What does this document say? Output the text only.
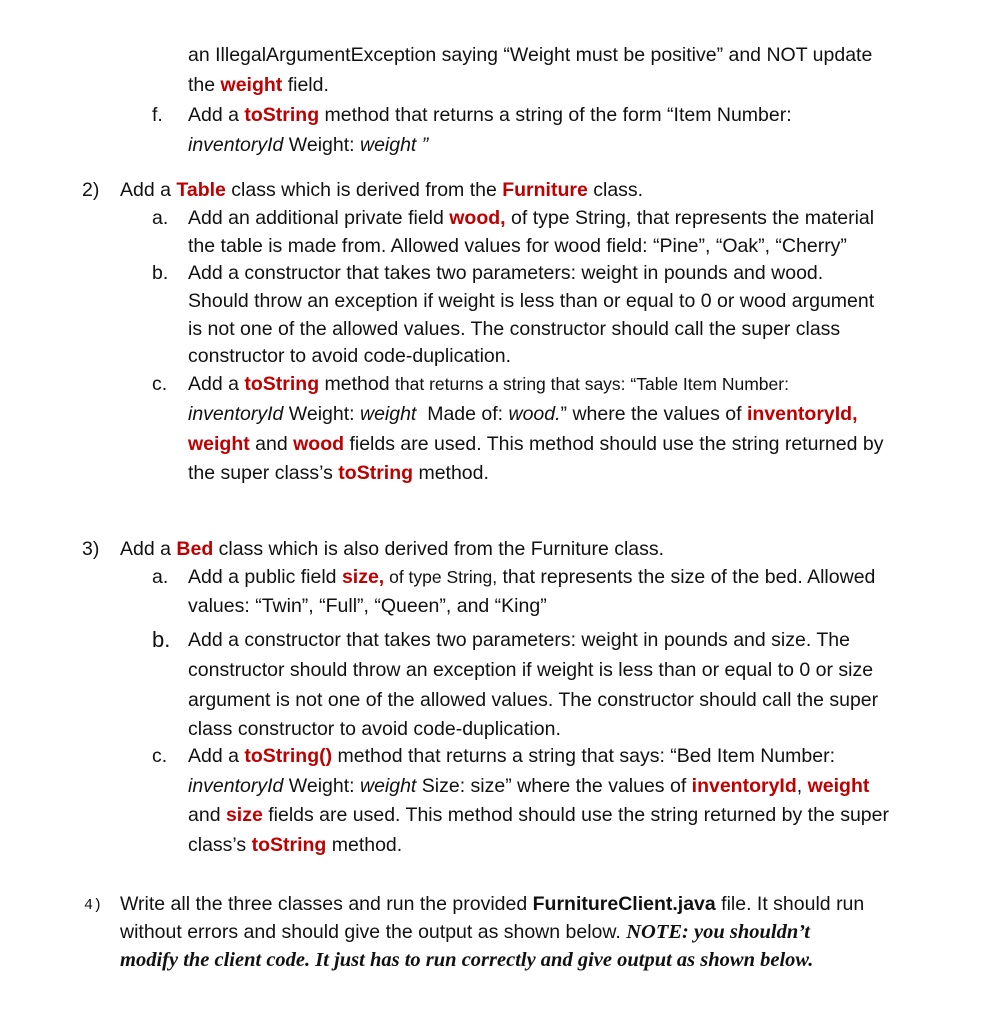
an IllegalArgumentException saying “Weight must be positive” and NOT update
the weight field.
f. Add a toString method that returns a string of the form “Item Number:
inventoryId Weight: weight ”
2) Add a Table class which is derived from the Furniture class.
a. Add an additional private field wood, of type String, that represents the material
the table is made from. Allowed values for wood field: “Pine”, “Oak”, “Cherry”
b. Add a constructor that takes two parameters: weight in pounds and wood.
Should throw an exception if weight is less than or equal to 0 or wood argument
is not one of the allowed values. The constructor should call the super class
constructor to avoid code-duplication.
c. Add a toString method that returns a string that says: “Table Item Number:
inventoryId Weight: weight  Made of: wood.” where the values of inventoryId,
weight and wood fields are used. This method should use the string returned by
the super class’s toString method.
3) Add a Bed class which is also derived from the Furniture class.
a. Add a public field size, of type String, that represents the size of the bed. Allowed
values: “Twin”, “Full”, “Queen”, and “King”
b. Add a constructor that takes two parameters: weight in pounds and size. The
constructor should throw an exception if weight is less than or equal to 0 or size
argument is not one of the allowed values. The constructor should call the super
class constructor to avoid code-duplication.
c. Add a toString() method that returns a string that says: “Bed Item Number:
inventoryId Weight: weight Size: size” where the values of inventoryId, weight
and size fields are used. This method should use the string returned by the super
class’s toString method.
4) Write all the three classes and run the provided FurnitureClient.java file. It should run
without errors and should give the output as shown below. NOTE: you shouldn’t
modify the client code. It just has to run correctly and give output as shown below.
